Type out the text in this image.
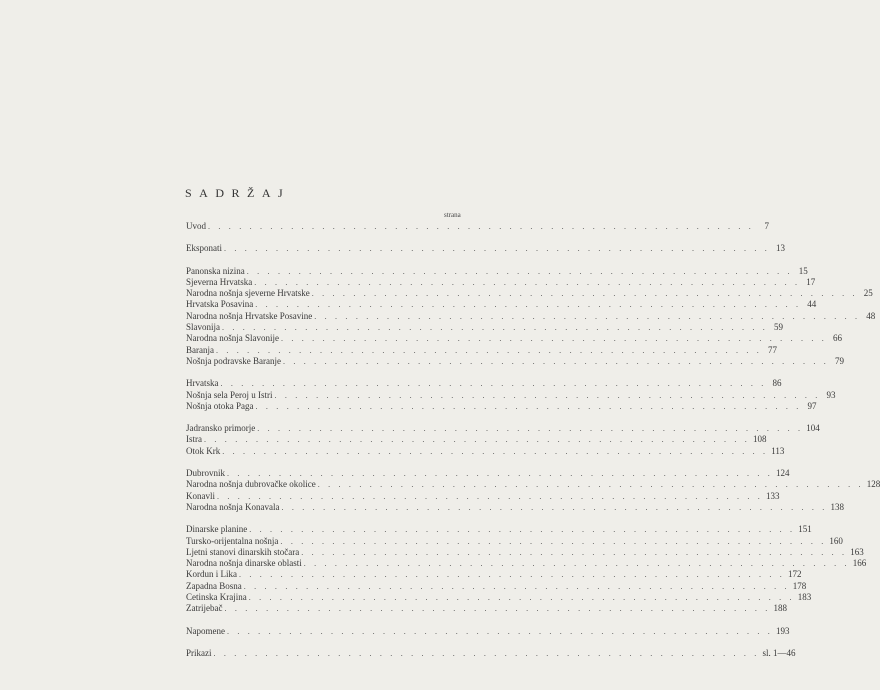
SADRŽAJ
strana
Uvod . . . . . . . . . . . . . . . . . . . . . . . . . . . . . . . . . . . . . . . . . . . . . . . . . . . . .	7
Eksponati . . . . . . . . . . . . . . . . . . . . . . . . . . . . . . . . . . . . . . . . . . . . . . . . . . . . . 13
Panonska nizina . . . . . . . . . . . . . . . . . . . . . . . . . . . . . . . . . . . . . . . . . . . . . . . . . . . . . 15
Sjeverna Hrvatska . . . . . . . . . . . . . . . . . . . . . . . . . . . . . . . . . . . . . . . . . . . . . . . . . . . . . 17
Narodna nošnja sjeverne Hrvatske . . . . . . . . . . . . . . . . . . . . . . . . . . . . . . . . . . . . . . . . . . . . . . . . . . . . . 25
Hrvatska Posavina . . . . . . . . . . . . . . . . . . . . . . . . . . . . . . . . . . . . . . . . . . . . . . . . . . . . . 44
Narodna nošnja Hrvatske Posavine . . . . . . . . . . . . . . . . . . . . . . . . . . . . . . . . . . . . . . . . . . . . . . . . . . . . . 48
Slavonija . . . . . . . . . . . . . . . . . . . . . . . . . . . . . . . . . . . . . . . . . . . . . . . . . . . . . 59
Narodna nošnja Slavonije . . . . . . . . . . . . . . . . . . . . . . . . . . . . . . . . . . . . . . . . . . . . . . . . . . . . . 66
Baranja . . . . . . . . . . . . . . . . . . . . . . . . . . . . . . . . . . . . . . . . . . . . . . . . . . . . . 77
Nošnja podravske Baranje . . . . . . . . . . . . . . . . . . . . . . . . . . . . . . . . . . . . . . . . . . . . . . . . . . . . . 79
Hrvatska . . . . . . . . . . . . . . . . . . . . . . . . . . . . . . . . . . . . . . . . . . . . . . . . . . . . . 86
Nošnja sela Peroj u Istri . . . . . . . . . . . . . . . . . . . . . . . . . . . . . . . . . . . . . . . . . . . . . . . . . . . . . 93
Nošnja otoka Paga . . . . . . . . . . . . . . . . . . . . . . . . . . . . . . . . . . . . . . . . . . . . . . . . . . . . . 97
Jadransko primorje . . . . . . . . . . . . . . . . . . . . . . . . . . . . . . . . . . . . . . . . . . . . . . . . . . . . . 104
Istra . . . . . . . . . . . . . . . . . . . . . . . . . . . . . . . . . . . . . . . . . . . . . . . . . . . . . 108
Otok Krk . . . . . . . . . . . . . . . . . . . . . . . . . . . . . . . . . . . . . . . . . . . . . . . . . . . . . 113
Dubrovnik . . . . . . . . . . . . . . . . . . . . . . . . . . . . . . . . . . . . . . . . . . . . . . . . . . . . . 124
Narodna nošnja dubrovačke okolice . . . . . . . . . . . . . . . . . . . . . . . . . . . . . . . . . . . . . . . . . . . . . . . . . . . . . 128
Konavli . . . . . . . . . . . . . . . . . . . . . . . . . . . . . . . . . . . . . . . . . . . . . . . . . . . . . 133
Narodna nošnja Konavala . . . . . . . . . . . . . . . . . . . . . . . . . . . . . . . . . . . . . . . . . . . . . . . . . . . . . 138
Dinarske planine . . . . . . . . . . . . . . . . . . . . . . . . . . . . . . . . . . . . . . . . . . . . . . . . . . . . . 151
Tursko-orijentalna nošnja . . . . . . . . . . . . . . . . . . . . . . . . . . . . . . . . . . . . . . . . . . . . . . . . . . . . . 160
Ljetni stanovi dinarskih stočara . . . . . . . . . . . . . . . . . . . . . . . . . . . . . . . . . . . . . . . . . . . . . . . . . . . . . 163
Narodna nošnja dinarske oblasti . . . . . . . . . . . . . . . . . . . . . . . . . . . . . . . . . . . . . . . . . . . . . . . . . . . . . 166
Kordun i Lika . . . . . . . . . . . . . . . . . . . . . . . . . . . . . . . . . . . . . . . . . . . . . . . . . . . . . 172
Zapadna Bosna . . . . . . . . . . . . . . . . . . . . . . . . . . . . . . . . . . . . . . . . . . . . . . . . . . . . . 178
Cetinska Krajina . . . . . . . . . . . . . . . . . . . . . . . . . . . . . . . . . . . . . . . . . . . . . . . . . . . . . 183
Zatrijebač . . . . . . . . . . . . . . . . . . . . . . . . . . . . . . . . . . . . . . . . . . . . . . . . . . . . . 188
Napomene . . . . . . . . . . . . . . . . . . . . . . . . . . . . . . . . . . . . . . . . . . . . . . . . . . . . . 193
Prikazi . . . . . . . . . . . . . . . . . . . . . . . . . . . . . . . . . . . . . . . . . . . . . . . . . . . . . sl. 1—46
